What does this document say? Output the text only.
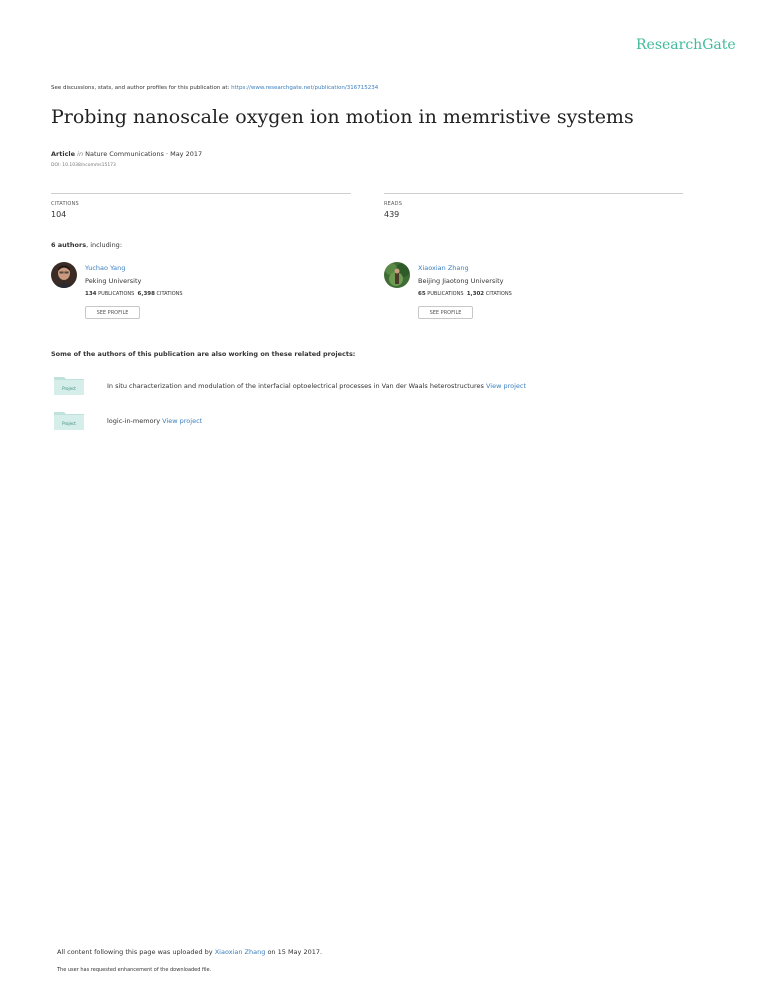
ResearchGate
See discussions, stats, and author profiles for this publication at: https://www.researchgate.net/publication/316715234
Probing nanoscale oxygen ion motion in memristive systems
Article in Nature Communications · May 2017
DOI: 10.1038/ncomms15173
CITATIONS
104
READS
439
6 authors, including:
Yuchao Yang
Peking University
134 PUBLICATIONS 6,398 CITATIONS
SEE PROFILE
Xiaoxian Zhang
Beijing Jiaotong University
65 PUBLICATIONS 1,302 CITATIONS
SEE PROFILE
Some of the authors of this publication are also working on these related projects:
Project	In situ characterization and modulation of the interfacial optoelectrical processes in Van der Waals heterostructures View project
Project	logic-in-memory View project
All content following this page was uploaded by Xiaoxian Zhang on 15 May 2017.
The user has requested enhancement of the downloaded file.
